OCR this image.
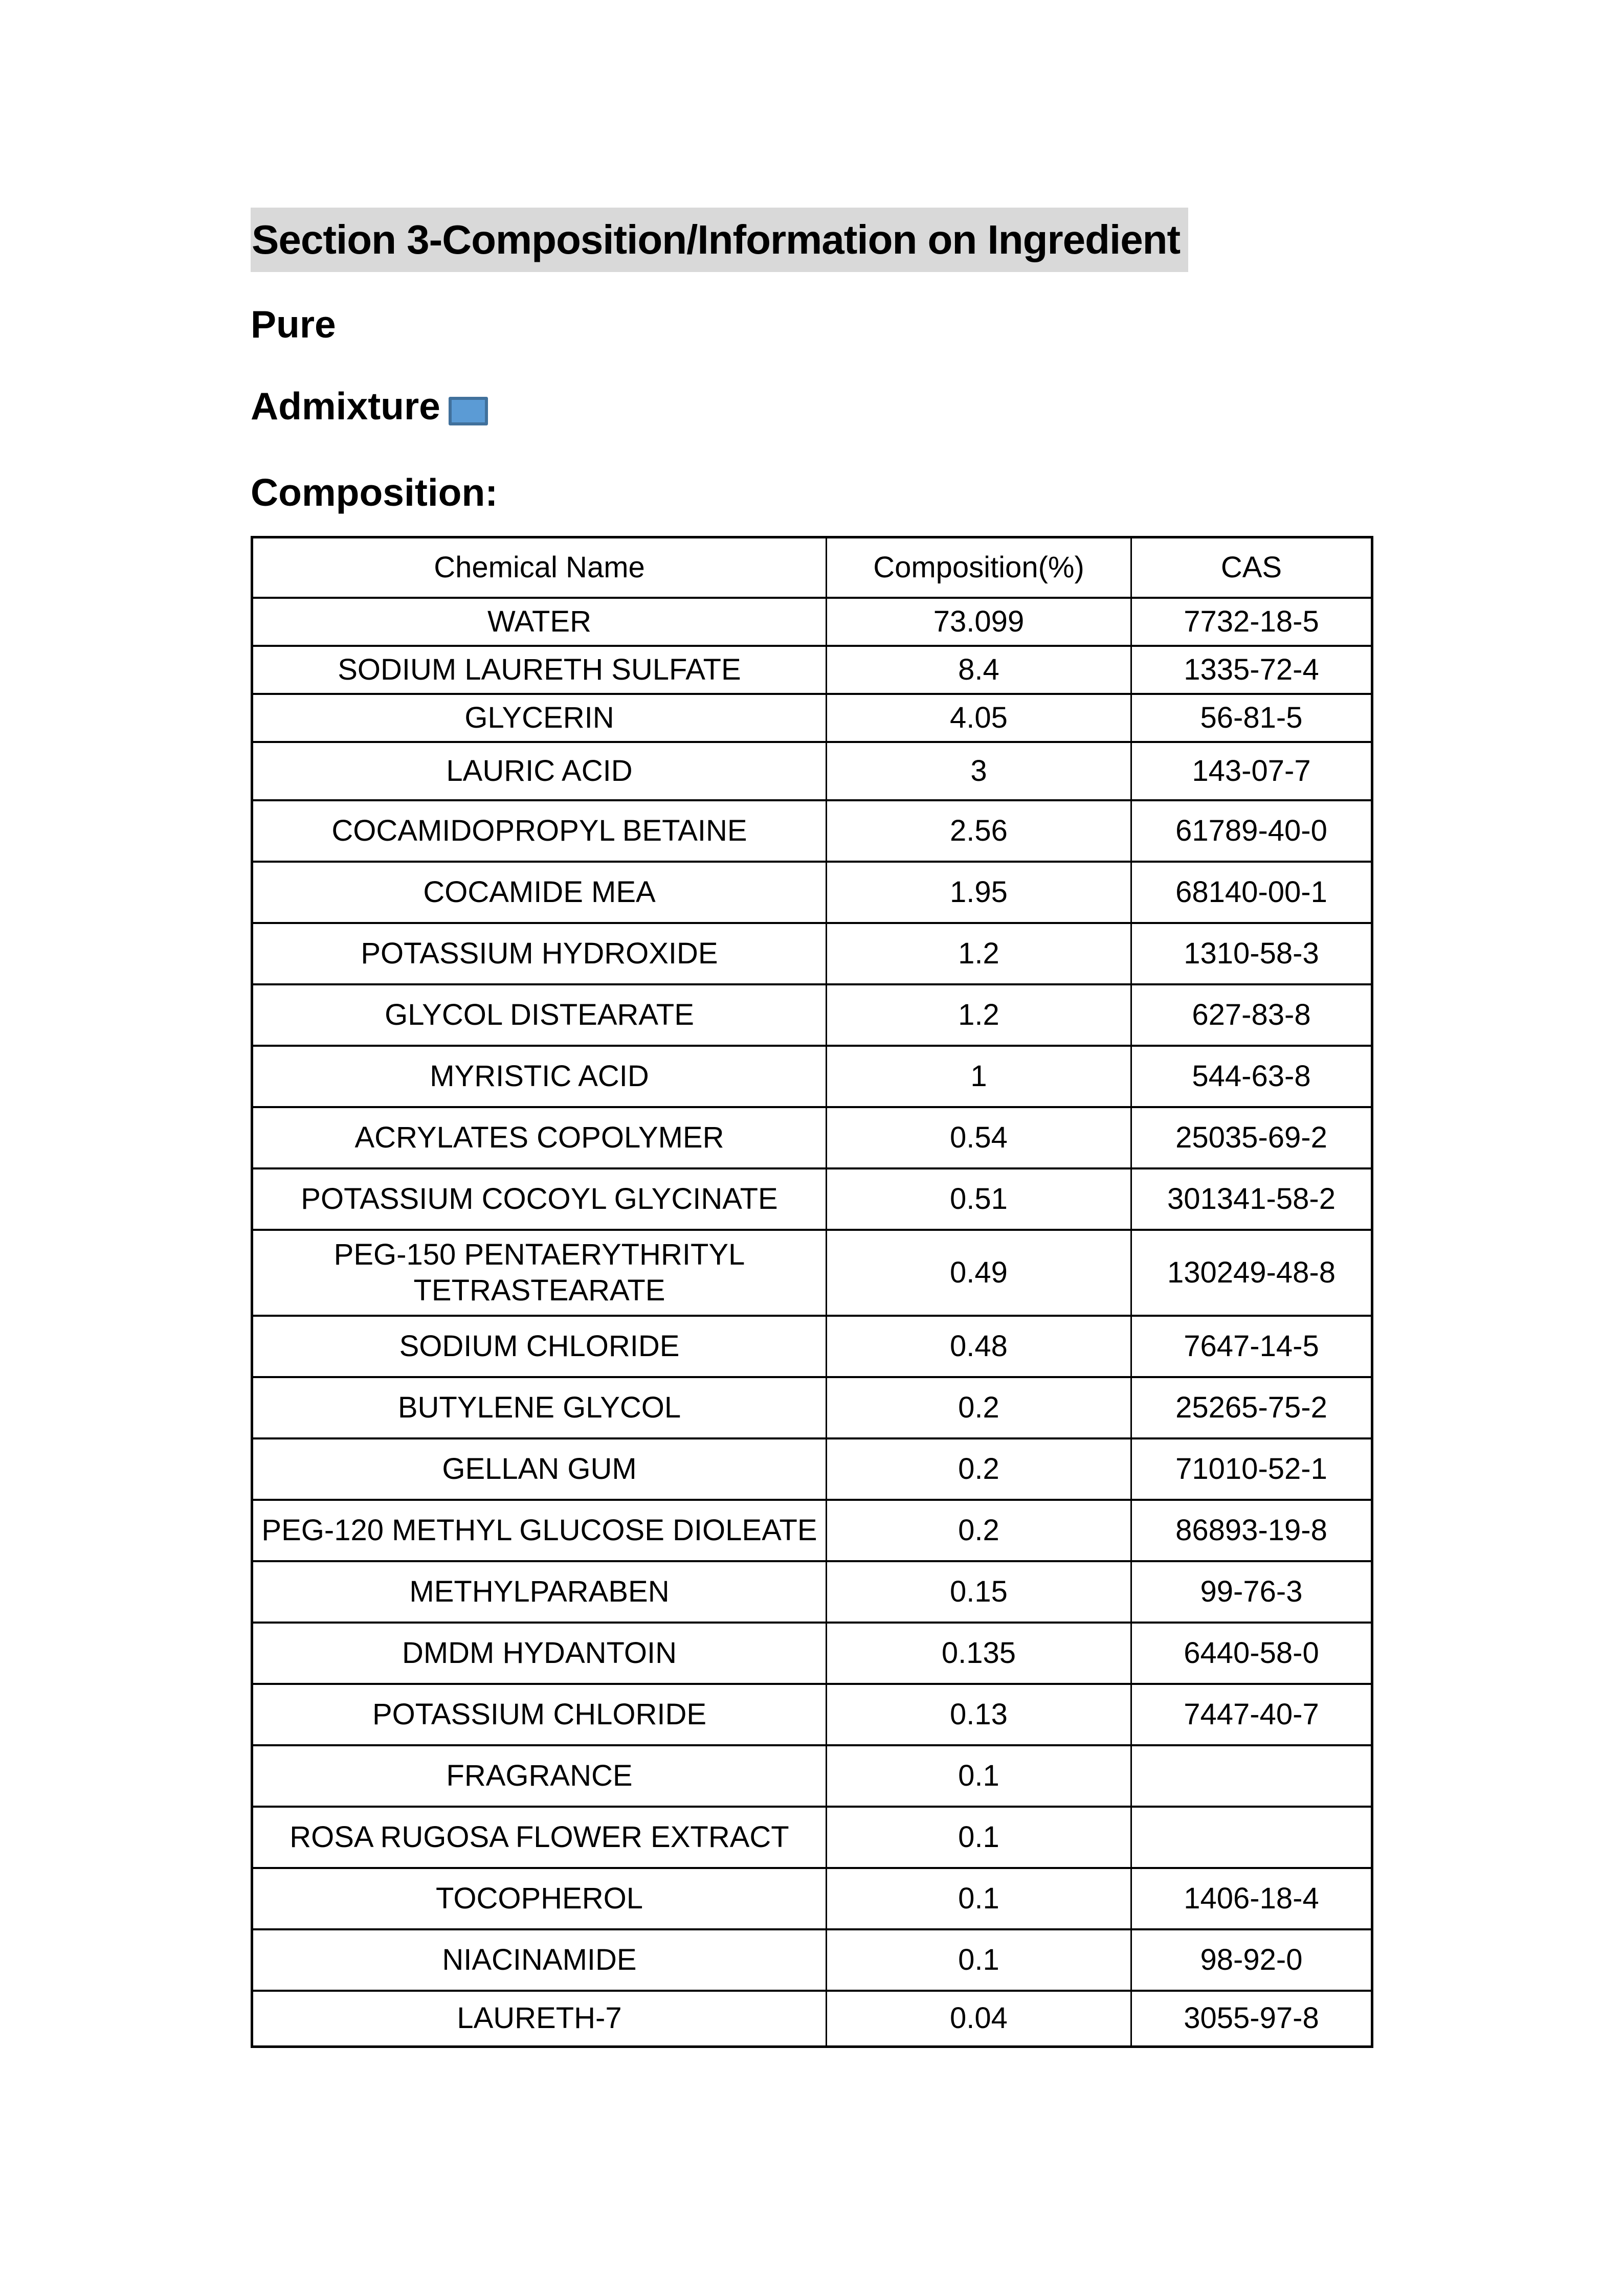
Section 3-Composition/Information on Ingredient

Pure

Admixture

Composition:

Chemical Name	Composition(%)	CAS
WATER	73.099	7732-18-5
SODIUM LAURETH SULFATE	8.4	1335-72-4
GLYCERIN	4.05	56-81-5
LAURIC ACID	3	143-07-7
COCAMIDOPROPYL BETAINE	2.56	61789-40-0
COCAMIDE MEA	1.95	68140-00-1
POTASSIUM HYDROXIDE	1.2	1310-58-3
GLYCOL DISTEARATE	1.2	627-83-8
MYRISTIC ACID	1	544-63-8
ACRYLATES COPOLYMER	0.54	25035-69-2
POTASSIUM COCOYL GLYCINATE	0.51	301341-58-2
PEG-150 PENTAERYTHRITYL TETRASTEARATE	0.49	130249-48-8
SODIUM CHLORIDE	0.48	7647-14-5
BUTYLENE GLYCOL	0.2	25265-75-2
GELLAN GUM	0.2	71010-52-1
PEG-120 METHYL GLUCOSE DIOLEATE	0.2	86893-19-8
METHYLPARABEN	0.15	99-76-3
DMDM HYDANTOIN	0.135	6440-58-0
POTASSIUM CHLORIDE	0.13	7447-40-7
FRAGRANCE	0.1	
ROSA RUGOSA FLOWER EXTRACT	0.1	
TOCOPHEROL	0.1	1406-18-4
NIACINAMIDE	0.1	98-92-0
LAURETH-7	0.04	3055-97-8
